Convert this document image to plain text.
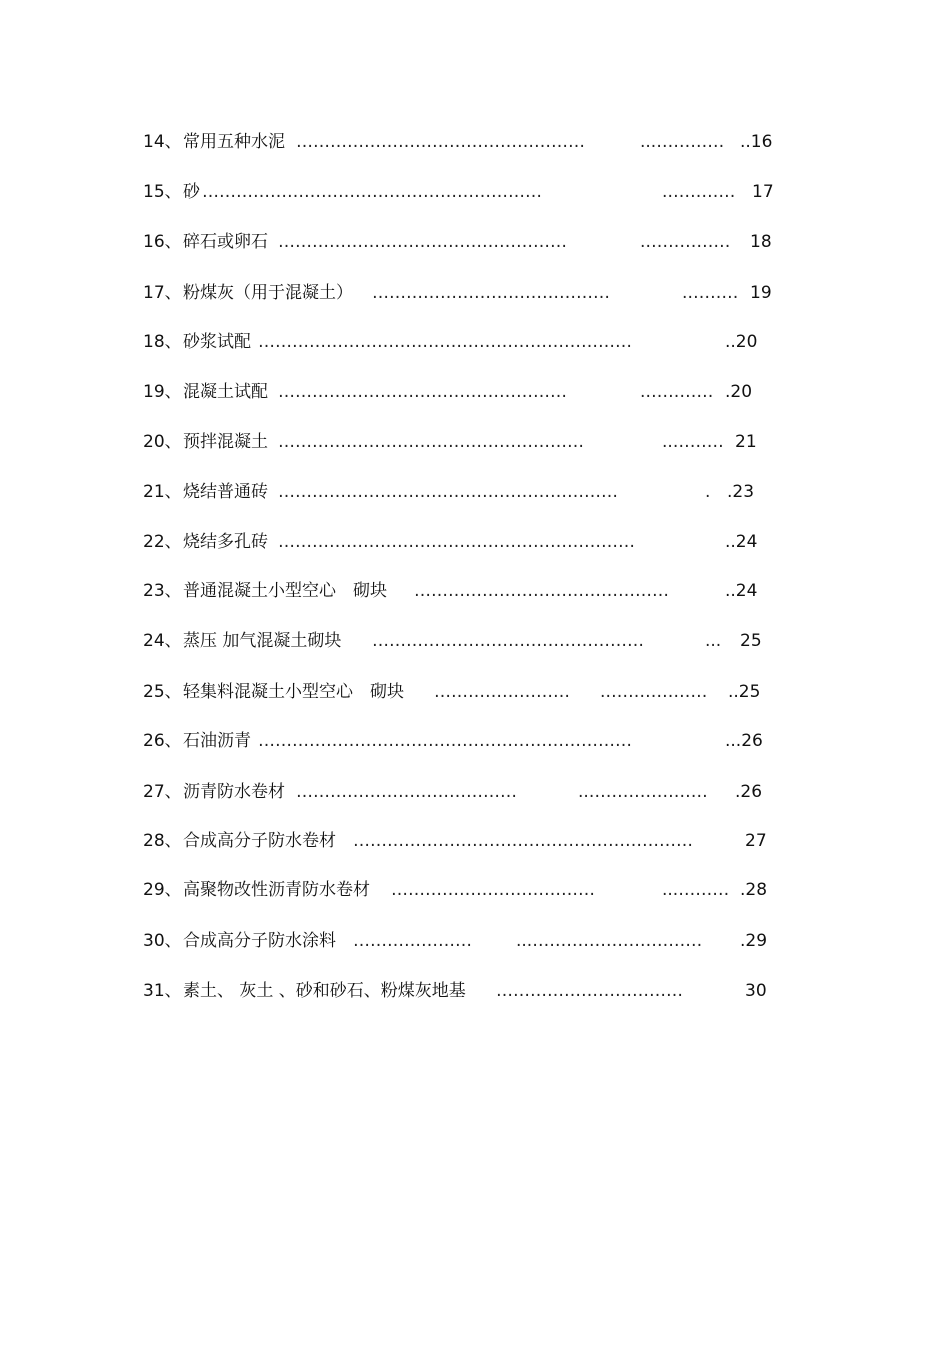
14、 常用五种水泥 ……………………………………………	...………… ..16
15、 砂 ……………………………………………………	.………… 17
16、 碎石或卵石 ……………………………………………	.…………… 18
17、 粉煤灰（用于混凝土） ……………………………………	.……… 19
18、 砂浆试配 …………………………………………………………	..20
19、 混凝土试配 ……………………………………………	.………… .20
20、 预拌混凝土 ………………………………………………	..……… 21
21、 烧结普通砖 ……………………………………………………	. .23
22、 烧结多孔砖 ………………………………………………………	..24
23、 普通混凝土小型空心　砌块 ………………………………………	..24
24、 蒸压 加气混凝土砌块 …………………………………………	... 25
25、 轻集料混凝土小型空心　砌块 …………………… .……………… ..25
26、 石油沥青 …………………………………………………………	...26
27、 沥青防水卷材 …………………………………	..………………… .26
28、 合成高分子防水卷材 ……………………………………………………	27
29、 高聚物改性沥青防水卷材 ………………………………	...……… .28
30、 合成高分子防水涂料 …………………	...………………………… .29
31、 素土、 灰土 、砂和砂石、粉煤灰地基 ……………………………	30
